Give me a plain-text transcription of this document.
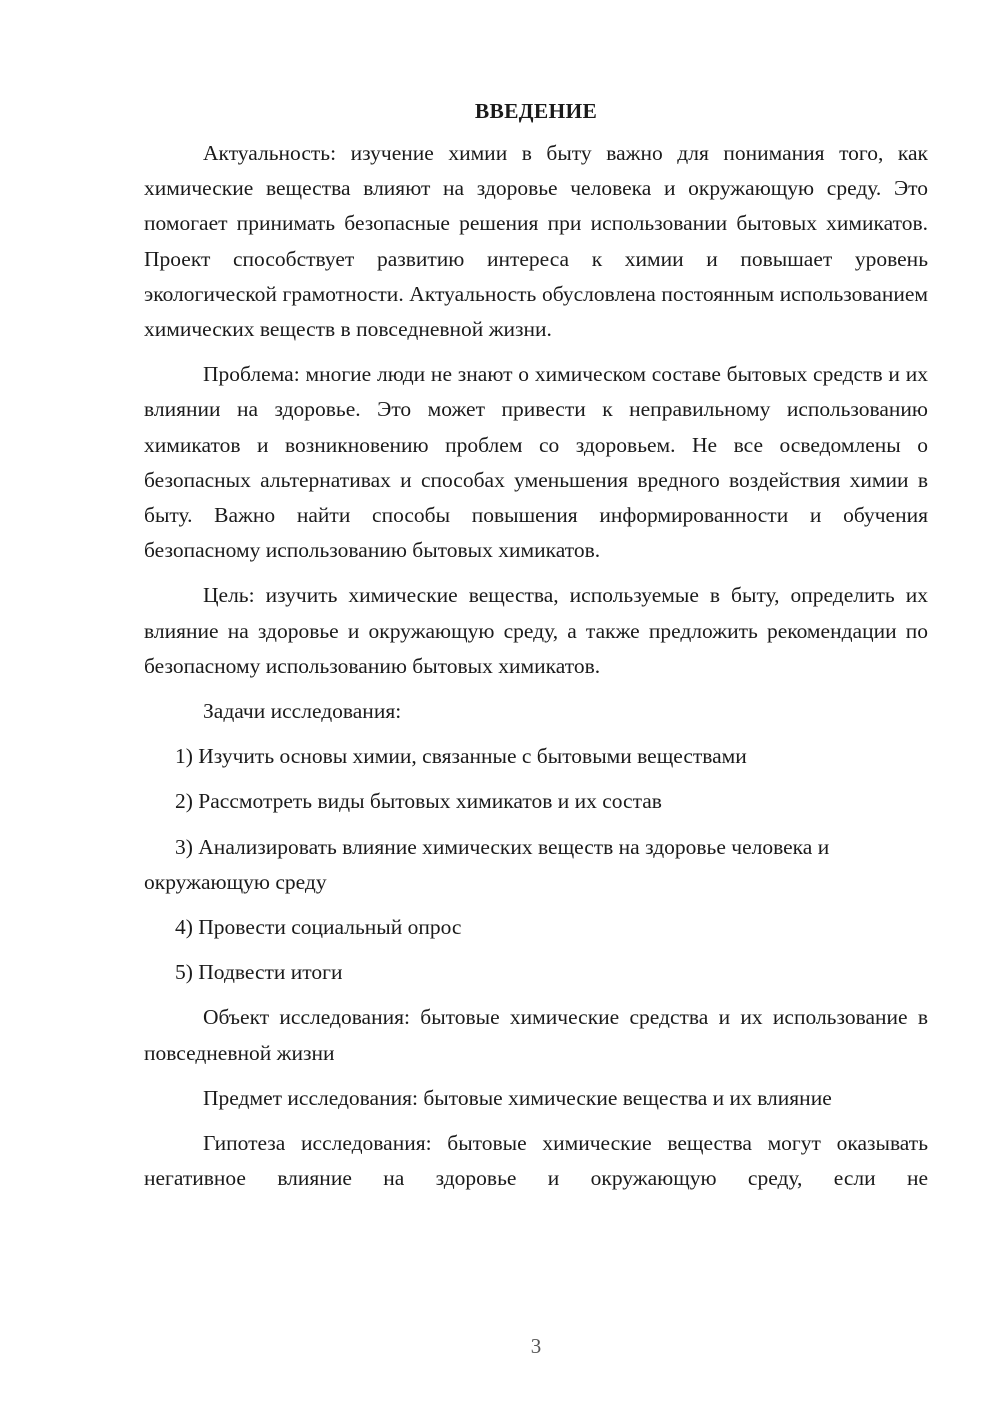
ВВЕДЕНИЕ

Актуальность: изучение химии в быту важно для понимания того, как химические вещества влияют на здоровье человека и окружающую среду. Это помогает принимать безопасные решения при использовании бытовых химикатов. Проект способствует развитию интереса к химии и повышает уровень экологической грамотности. Актуальность обусловлена постоянным использованием химических веществ в повседневной жизни.

Проблема: многие люди не знают о химическом составе бытовых средств и их влиянии на здоровье. Это может привести к неправильному использованию химикатов и возникновению проблем со здоровьем. Не все осведомлены о безопасных альтернативах и способах уменьшения вредного воздействия химии в быту. Важно найти способы повышения информированности и обучения безопасному использованию бытовых химикатов.

Цель: изучить химические вещества, используемые в быту, определить их влияние на здоровье и окружающую среду, а также предложить рекомендации по безопасному использованию бытовых химикатов.

Задачи исследования:

1) Изучить основы химии, связанные с бытовыми веществами

2) Рассмотреть виды бытовых химикатов и их состав

3) Анализировать влияние химических веществ на здоровье человека и окружающую среду

4) Провести социальный опрос

5) Подвести итоги

Объект исследования: бытовые химические средства и их использование в повседневной жизни

Предмет исследования: бытовые химические вещества и их влияние

Гипотеза исследования: бытовые химические вещества могут оказывать негативное влияние на здоровье и окружающую среду, если не

3
